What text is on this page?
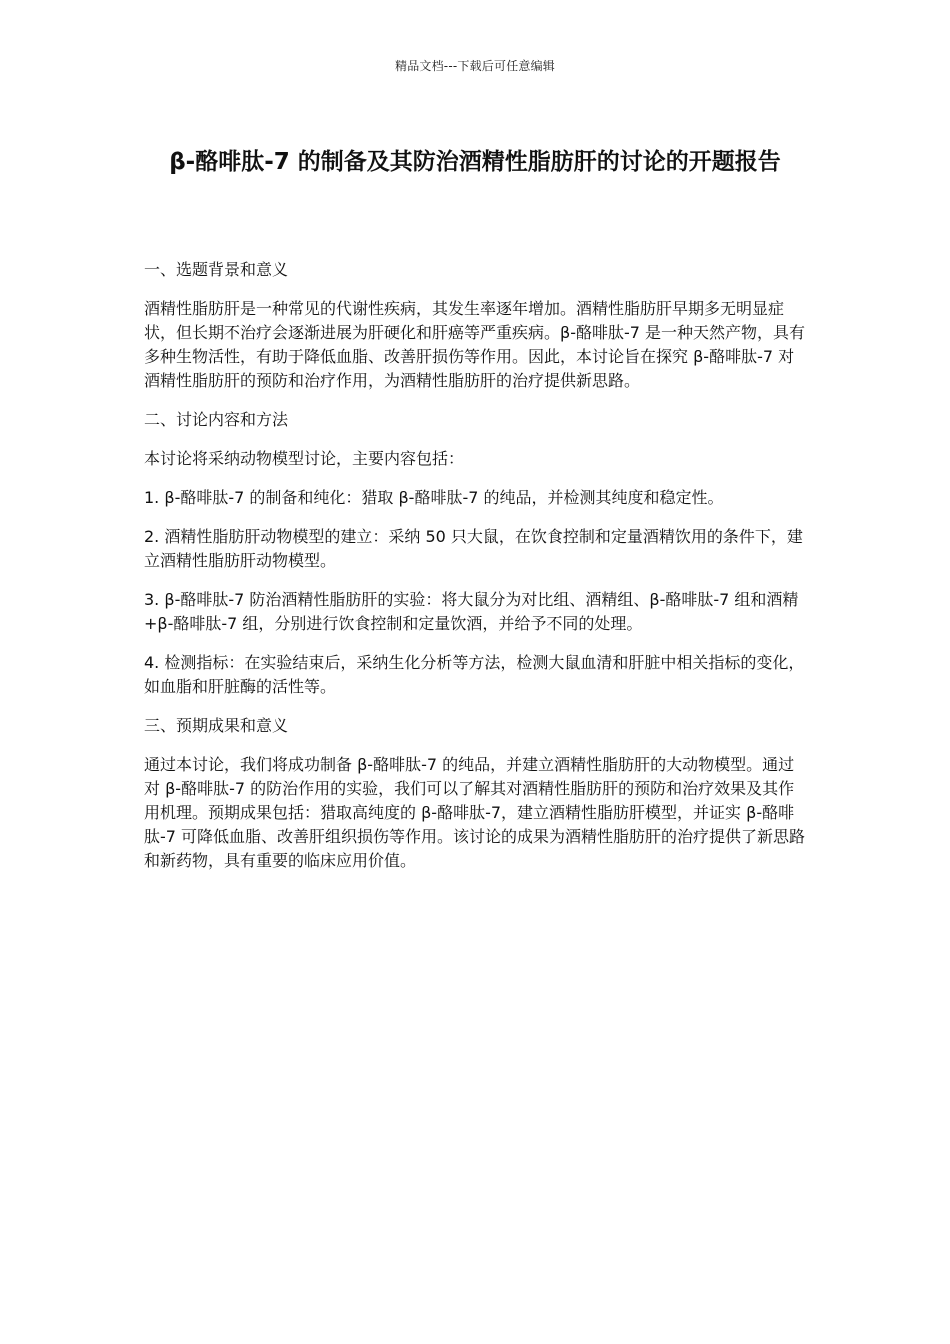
精品文档---下载后可任意编辑
β-酪啡肽-7 的制备及其防治酒精性脂肪肝的讨论的开题报告
一、选题背景和意义

酒精性脂肪肝是一种常见的代谢性疾病，其发生率逐年增加。酒精性脂肪肝早期多无明显症状，但长期不治疗会逐渐进展为肝硬化和肝癌等严重疾病。β-酪啡肽-7 是一种天然产物，具有多种生物活性，有助于降低血脂、改善肝损伤等作用。因此，本讨论旨在探究 β-酪啡肽-7 对酒精性脂肪肝的预防和治疗作用，为酒精性脂肪肝的治疗提供新思路。

二、讨论内容和方法

本讨论将采纳动物模型讨论，主要内容包括：

1. β-酪啡肽-7 的制备和纯化：猎取 β-酪啡肽-7 的纯品，并检测其纯度和稳定性。

2. 酒精性脂肪肝动物模型的建立：采纳 50 只大鼠，在饮食控制和定量酒精饮用的条件下，建立酒精性脂肪肝动物模型。

3. β-酪啡肽-7 防治酒精性脂肪肝的实验：将大鼠分为对比组、酒精组、β-酪啡肽-7 组和酒精+β-酪啡肽-7 组，分别进行饮食控制和定量饮酒，并给予不同的处理。

4. 检测指标：在实验结束后，采纳生化分析等方法，检测大鼠血清和肝脏中相关指标的变化，如血脂和肝脏酶的活性等。

三、预期成果和意义

通过本讨论，我们将成功制备 β-酪啡肽-7 的纯品，并建立酒精性脂肪肝的大动物模型。通过对 β-酪啡肽-7 的防治作用的实验，我们可以了解其对酒精性脂肪肝的预防和治疗效果及其作用机理。预期成果包括：猎取高纯度的 β-酪啡肽-7，建立酒精性脂肪肝模型，并证实 β-酪啡肽-7 可降低血脂、改善肝组织损伤等作用。该讨论的成果为酒精性脂肪肝的治疗提供了新思路和新药物，具有重要的临床应用价值。
